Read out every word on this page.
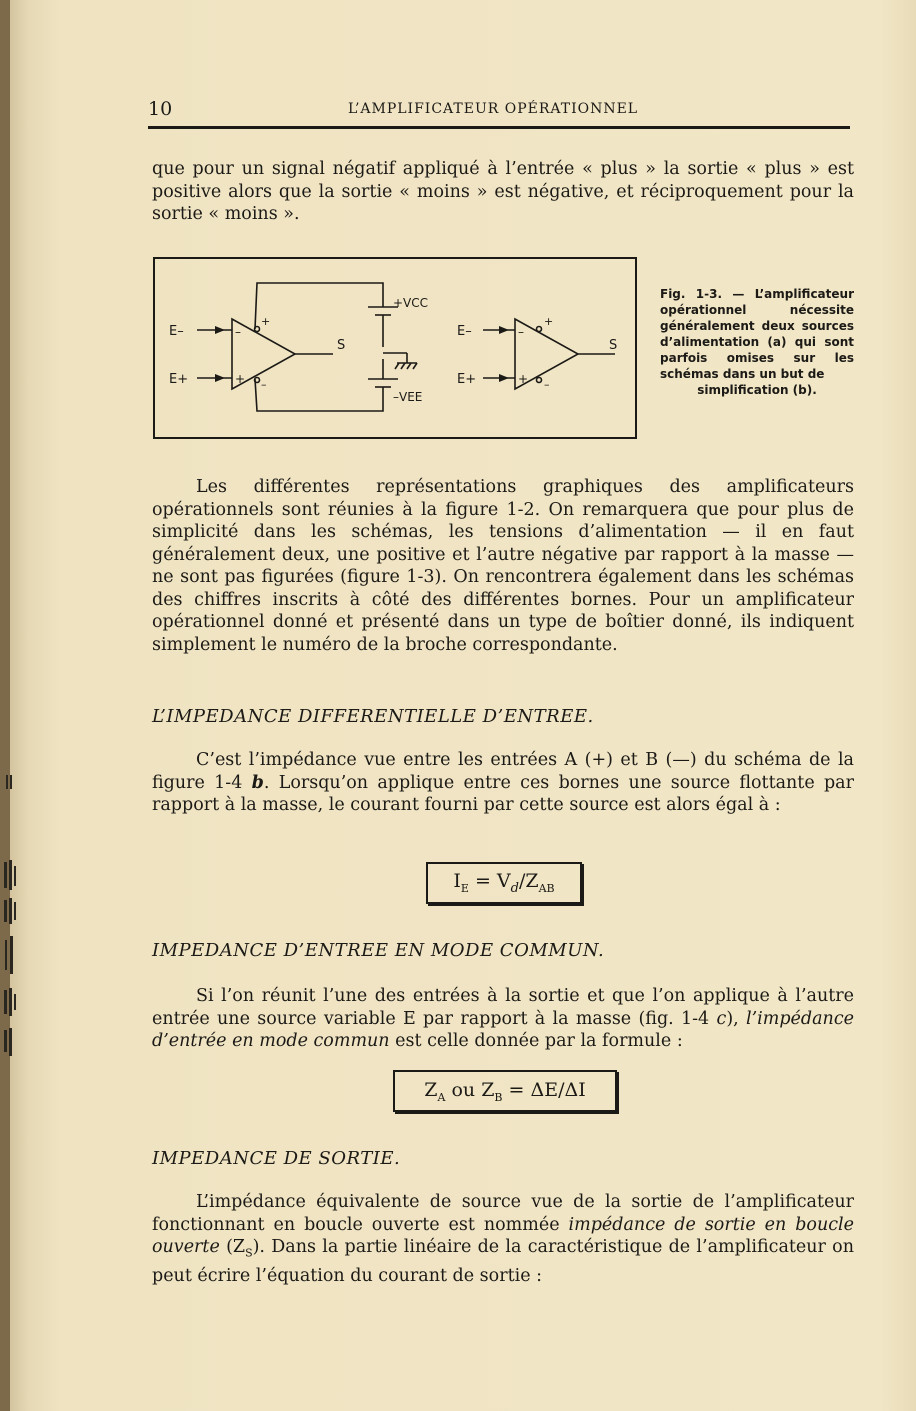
10	L’AMPLIFICATEUR OPÉRATIONNEL

que pour un signal négatif appliqué à l’entrée « plus » la sortie « plus » est positive alors que la sortie « moins » est négative, et réciproquement pour la sortie « moins ».

E–
E+
–
+
+
–
S
+VCC
–VEE
E–
E+
–
+
+
–
S

Fig. 1-3. — L’amplificateur opérationnel nécessite généralement deux sources d’alimentation (a) qui sont parfois omises sur les schémas dans un but de
simplification (b).

Les différentes représentations graphiques des amplificateurs opérationnels sont réunies à la figure 1-2. On remarquera que pour plus de simplicité dans les schémas, les tensions d’alimentation — il en faut généralement deux, une positive et l’autre négative par rapport à la masse — ne sont pas figurées (figure 1-3). On rencontrera également dans les schémas des chiffres inscrits à côté des différentes bornes. Pour un amplificateur opérationnel donné et présenté dans un type de boîtier donné, ils indiquent simplement le numéro de la broche correspondante.

L’IMPEDANCE DIFFERENTIELLE D’ENTREE.

C’est l’impédance vue entre les entrées A (+) et B (—) du schéma de la figure 1-4 b. Lorsqu’on applique entre ces bornes une source flottante par rapport à la masse, le courant fourni par cette source est alors égal à :

$I_E = V_d/Z_{AB}$

IMPEDANCE D’ENTREE EN MODE COMMUN.

Si l’on réunit l’une des entrées à la sortie et que l’on applique à l’autre entrée une source variable E par rapport à la masse (fig. 1-4 c), l’impédance d’entrée en mode commun est celle donnée par la formule :

$Z_A$ ou $Z_B = \Delta E/\Delta I$

IMPEDANCE DE SORTIE.

L’impédance équivalente de source vue de la sortie de l’amplificateur fonctionnant en boucle ouverte est nommée impédance de sortie en boucle ouverte $(Z_S)$. Dans la partie linéaire de la caractéristique de l’amplificateur on peut écrire l’équation du courant de sortie :
